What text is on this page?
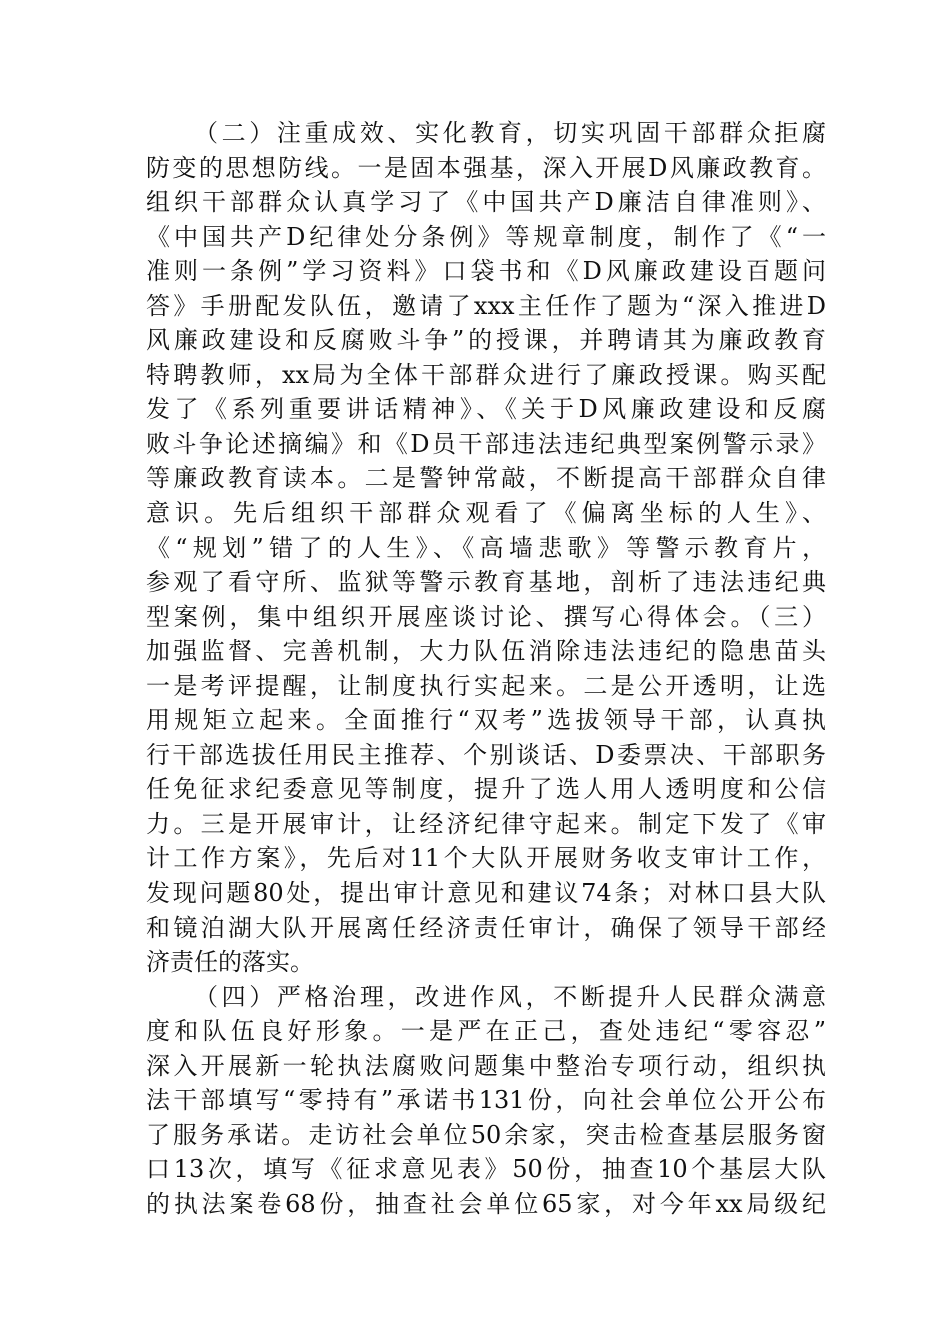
（二）注重成效、实化教育，切实巩固干部群众拒腐
防变的思想防线。一是固本强基，深入开展D风廉政教育。
组织干部群众认真学习了《中国共产D廉洁自律准则》、
《中国共产D纪律处分条例》等规章制度，制作了《“一
准则一条例”学习资料》口袋书和《D风廉政建设百题问
答》手册配发队伍，邀请了xxx主任作了题为“深入推进D
风廉政建设和反腐败斗争”的授课，并聘请其为廉政教育
特聘教师，xx局为全体干部群众进行了廉政授课。购买配
发了《系列重要讲话精神》、《关于D风廉政建设和反腐
败斗争论述摘编》和《D员干部违法违纪典型案例警示录》
等廉政教育读本。二是警钟常敲，不断提高干部群众自律
意识。先后组织干部群众观看了《偏离坐标的人生》、
《“规划”错了的人生》、《高墙悲歌》等警示教育片，
参观了看守所、监狱等警示教育基地，剖析了违法违纪典
型案例，集中组织开展座谈讨论、撰写心得体会。（三）
加强监督、完善机制，大力队伍消除违法违纪的隐患苗头
一是考评提醒，让制度执行实起来。二是公开透明，让选
用规矩立起来。全面推行“双考”选拔领导干部，认真执
行干部选拔任用民主推荐、个别谈话、D委票决、干部职务
任免征求纪委意见等制度，提升了选人用人透明度和公信
力。三是开展审计，让经济纪律守起来。制定下发了《审
计工作方案》，先后对11个大队开展财务收支审计工作，
发现问题80处，提出审计意见和建议74条；对林口县大队
和镜泊湖大队开展离任经济责任审计，确保了领导干部经
济责任的落实。
（四）严格治理，改进作风，不断提升人民群众满意
度和队伍良好形象。一是严在正己，查处违纪“零容忍”
深入开展新一轮执法腐败问题集中整治专项行动，组织执
法干部填写“零持有”承诺书131份，向社会单位公开公布
了服务承诺。走访社会单位50余家，突击检查基层服务窗
口13次，填写《征求意见表》50份，抽查10个基层大队
的执法案卷68份，抽查社会单位65家，对今年xx局级纪
